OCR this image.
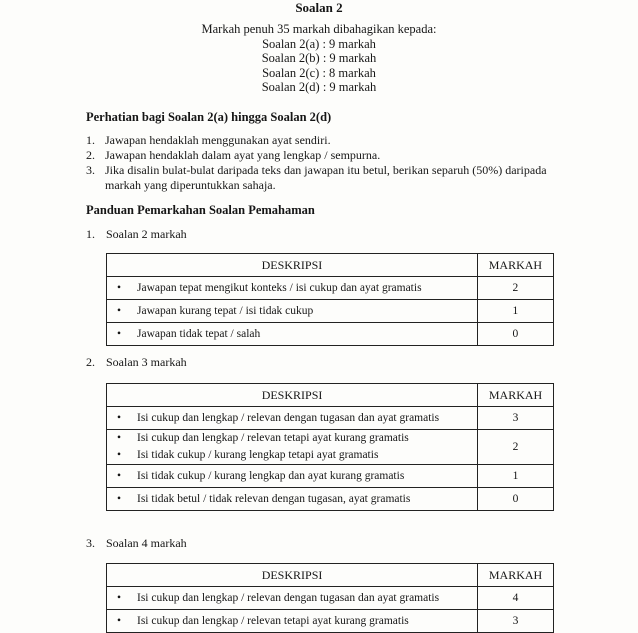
Soalan 2
Markah penuh 35 markah dibahagikan kepada:
Soalan 2(a) : 9 markah
Soalan 2(b) : 9 markah
Soalan 2(c) : 8 markah
Soalan 2(d) : 9 markah
Perhatian bagi Soalan 2(a) hingga Soalan 2(d)
1. Jawapan hendaklah menggunakan ayat sendiri.
2. Jawapan hendaklah dalam ayat yang lengkap / sempurna.
3. Jika disalin bulat-bulat daripada teks dan jawapan itu betul, berikan separuh (50%) daripada markah yang diperuntukkan sahaja.
Panduan Pemarkahan Soalan Pemahaman
1. Soalan 2 markah
DESKRIPSI	MARKAH

• Jawapan tepat mengikut konteks / isi cukup dan ayat gramatis	2

• Jawapan kurang tepat / isi tidak cukup	1

• Jawapan tidak tepat / salah	0
2. Soalan 3 markah
DESKRIPSI	MARKAH

• Isi cukup dan lengkap / relevan dengan tugasan dan ayat gramatis	3

• Isi cukup dan lengkap / relevan tetapi ayat kurang gramatis
• Isi tidak cukup / kurang lengkap tetapi ayat gramatis	2

• Isi tidak cukup / kurang lengkap dan ayat kurang gramatis	1

• Isi tidak betul / tidak relevan dengan tugasan, ayat gramatis	0
3. Soalan 4 markah
DESKRIPSI	MARKAH

• Isi cukup dan lengkap / relevan dengan tugasan dan ayat gramatis	4

• Isi cukup dan lengkap / relevan tetapi ayat kurang gramatis	3
